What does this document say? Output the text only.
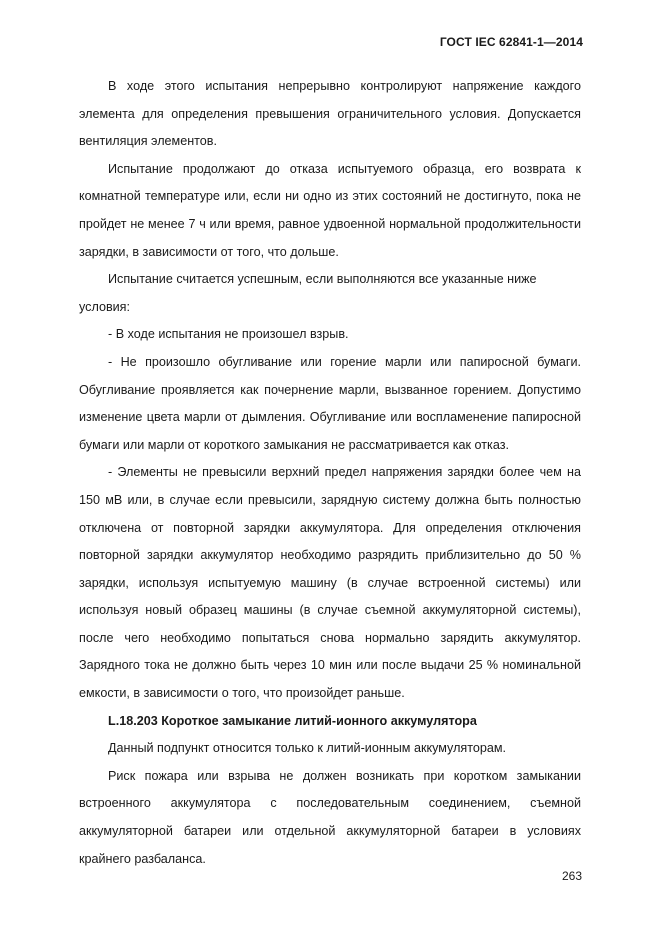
ГОСТ IEC 62841-1—2014

В ходе этого испытания непрерывно контролируют напряжение каждого элемента для определения превышения ограничительного условия. Допускается вентиляция элементов.

Испытание продолжают до отказа испытуемого образца, его возврата к комнатной температуре или, если ни одно из этих состояний не достигнуто, пока не пройдет не менее 7 ч или время, равное удвоенной нормальной продолжительности зарядки, в зависимости от того, что дольше.

Испытание считается успешным, если выполняются все указанные ниже условия:

- В ходе испытания не произошел взрыв.

- Не произошло обугливание или горение марли или папиросной бумаги. Обугливание проявляется как почернение марли, вызванное горением. Допустимо изменение цвета марли от дымления. Обугливание или воспламенение папиросной бумаги или марли от короткого замыкания не рассматривается как отказ.

- Элементы не превысили верхний предел напряжения зарядки более чем на 150 мВ или, в случае если превысили, зарядную систему должна быть полностью отключена от повторной зарядки аккумулятора. Для определения отключения повторной зарядки аккумулятор необходимо разрядить приблизительно до 50 % зарядки, используя испытуемую машину (в случае встроенной системы) или используя новый образец машины (в случае съемной аккумуляторной системы), после чего необходимо попытаться снова нормально зарядить аккумулятор. Зарядного тока не должно быть через 10 мин или после выдачи 25 % номинальной емкости, в зависимости о того, что произойдет раньше.

L.18.203 Короткое замыкание литий-ионного аккумулятора

Данный подпункт относится только к литий-ионным аккумуляторам.

Риск пожара или взрыва не должен возникать при коротком замыкании встроенного аккумулятора с последовательным соединением, съемной аккумуляторной батареи или отдельной аккумуляторной батареи в условиях крайнего разбаланса.

263
